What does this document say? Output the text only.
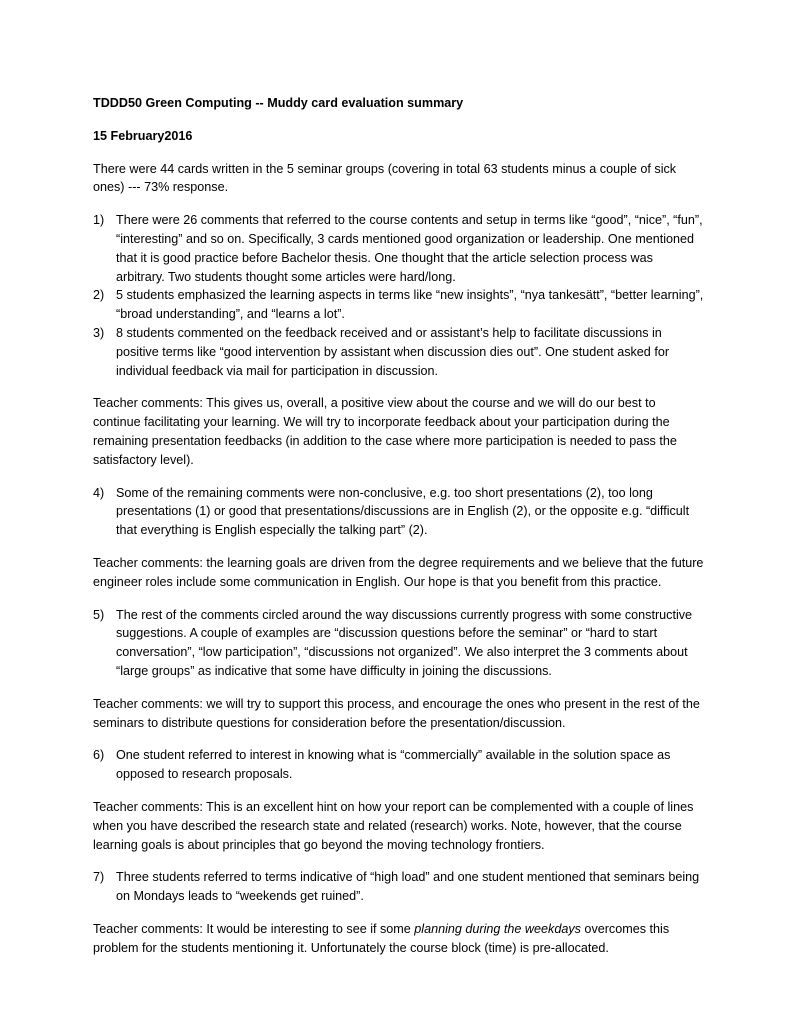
TDDD50 Green Computing -- Muddy card evaluation summary
15 February2016

There were 44 cards written in the 5 seminar groups (covering in total 63 students minus a couple of sick ones) --- 73% response.

1) There were 26 comments that referred to the course contents and setup in terms like “good”, “nice”, “fun”, “interesting” and so on. Specifically, 3 cards mentioned good organization or leadership. One mentioned that it is good practice before Bachelor thesis. One thought that the article selection process was arbitrary. Two students thought some articles were hard/long.
2) 5 students emphasized the learning aspects in terms like “new insights”, “nya tankesätt”, “better learning”, “broad understanding”, and “learns a lot”.
3) 8 students commented on the feedback received and or assistant’s help to facilitate discussions in positive terms like “good intervention by assistant when discussion dies out”. One student asked for individual feedback via mail for participation in discussion.

Teacher comments: This gives us, overall, a positive view about the course and we will do our best to continue facilitating your learning. We will try to incorporate feedback about your participation during the remaining presentation feedbacks (in addition to the case where more participation is needed to pass the satisfactory level).

4) Some of the remaining comments were non-conclusive, e.g. too short presentations (2), too long presentations (1) or good that presentations/discussions are in English (2), or the opposite e.g. “difficult that everything is English especially the talking part” (2).

Teacher comments: the learning goals are driven from the degree requirements and we believe that the future engineer roles include some communication in English. Our hope is that you benefit from this practice.

5) The rest of the comments circled around the way discussions currently progress with some constructive suggestions. A couple of examples are “discussion questions before the seminar” or “hard to start conversation”, “low participation”, “discussions not organized”. We also interpret the 3 comments about “large groups” as indicative that some have difficulty in joining the discussions.

Teacher comments: we will try to support this process, and encourage the ones who present in the rest of the seminars to distribute questions for consideration before the presentation/discussion.

6) One student referred to interest in knowing what is “commercially” available in the solution space as opposed to research proposals.

Teacher comments: This is an excellent hint on how your report can be complemented with a couple of lines when you have described the research state and related (research) works. Note, however, that the course learning goals is about principles that go beyond the moving technology frontiers.

7) Three students referred to terms indicative of “high load” and one student mentioned that seminars being on Mondays leads to “weekends get ruined”.

Teacher comments: It would be interesting to see if some planning during the weekdays overcomes this problem for the students mentioning it. Unfortunately the course block (time) is pre-allocated.
